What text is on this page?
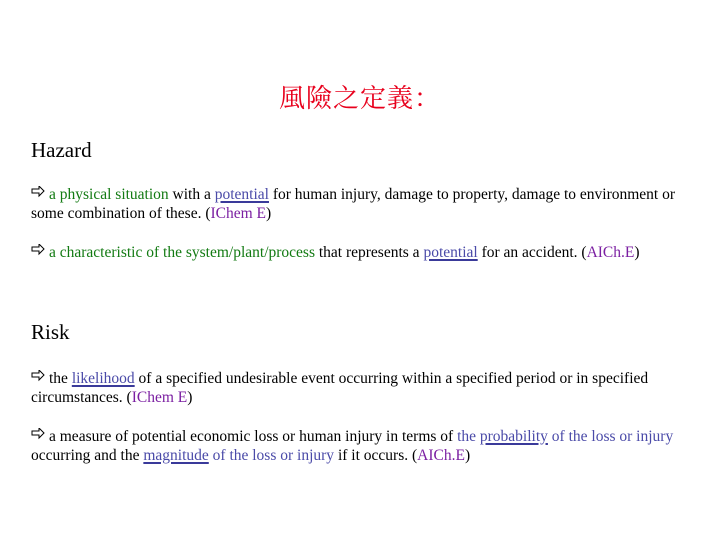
風險之定義：
Hazard
a physical situation with a potential for human injury, damage to property, damage to environment or some combination of these. (IChem E)
a characteristic of the system/plant/process that represents a potential for an accident. (AICh.E)
Risk
the likelihood of a specified undesirable event occurring within a specified period or in specified circumstances. (IChem E)
a measure of potential economic loss or human injury in terms of the probability of the loss or injury occurring and the magnitude of the loss or injury if it occurs. (AICh.E)
